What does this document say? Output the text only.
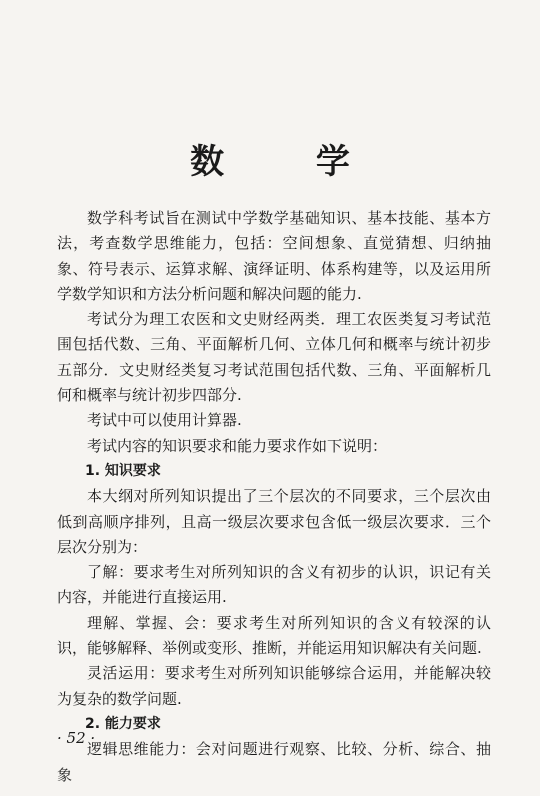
数 学

数学科考试旨在测试中学数学基础知识、基本技能、基本方法，考查数学思维能力，包括：空间想象、直觉猜想、归纳抽象、符号表示、运算求解、演绎证明、体系构建等，以及运用所学数学知识和方法分析问题和解决问题的能力.

考试分为理工农医和文史财经两类．理工农医类复习考试范围包括代数、三角、平面解析几何、立体几何和概率与统计初步五部分．文史财经类复习考试范围包括代数、三角、平面解析几何和概率与统计初步四部分.

考试中可以使用计算器.

考试内容的知识要求和能力要求作如下说明：

1. 知识要求

本大纲对所列知识提出了三个层次的不同要求，三个层次由低到高顺序排列，且高一级层次要求包含低一级层次要求．三个层次分别为：

了解：要求考生对所列知识的含义有初步的认识，识记有关内容，并能进行直接运用.

理解、掌握、会：要求考生对所列知识的含义有较深的认识，能够解释、举例或变形、推断，并能运用知识解决有关问题.

灵活运用：要求考生对所列知识能够综合运用，并能解决较为复杂的数学问题.

2. 能力要求

逻辑思维能力：会对问题进行观察、比较、分析、综合、抽象

· 52 ·
